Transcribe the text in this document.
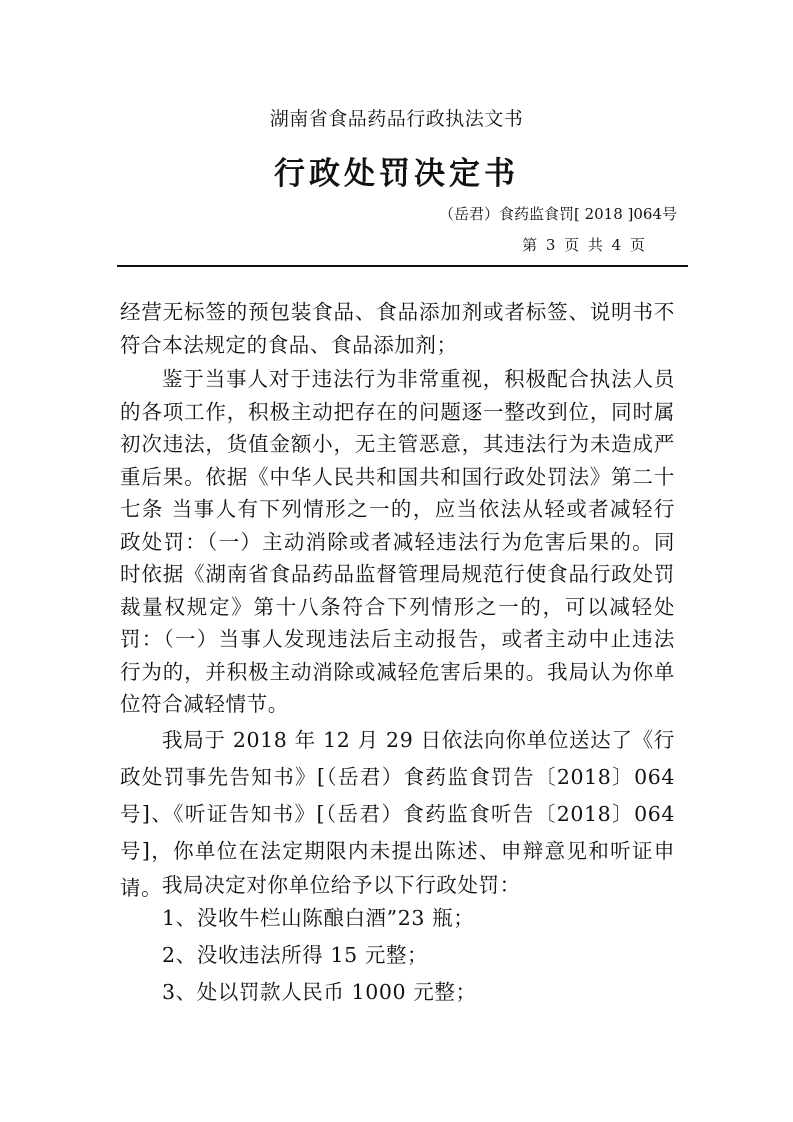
湖南省食品药品行政执法文书
行政处罚决定书
（岳君）食药监食罚[ 2018 ]064号
第 3 页 共 4 页
经营无标签的预包装食品、食品添加剂或者标签、说明书不符合本法规定的食品、食品添加剂；
鉴于当事人对于违法行为非常重视，积极配合执法人员的各项工作，积极主动把存在的问题逐一整改到位，同时属初次违法，货值金额小，无主管恶意，其违法行为未造成严重后果。依据《中华人民共和国共和国行政处罚法》第二十七条 当事人有下列情形之一的，应当依法从轻或者减轻行政处罚：（一）主动消除或者减轻违法行为危害后果的。同时依据《湖南省食品药品监督管理局规范行使食品行政处罚裁量权规定》第十八条符合下列情形之一的，可以减轻处罚：（一）当事人发现违法后主动报告，或者主动中止违法行为的，并积极主动消除或减轻危害后果的。我局认为你单位符合减轻情节。
我局于 2018 年 12 月 29 日依法向你单位送达了《行政处罚事先告知书》[（岳君）食药监食罚告〔2018〕064 号]、《听证告知书》[（岳君）食药监食听告〔2018〕064 号]，你单位在法定期限内未提出陈述、申辩意见和听证申请。 我局决定对你单位给予以下行政处罚：
1、没收牛栏山陈酿白酒”23 瓶；
2、没收违法所得 15 元整；
3、处以罚款人民币 1000 元整；
